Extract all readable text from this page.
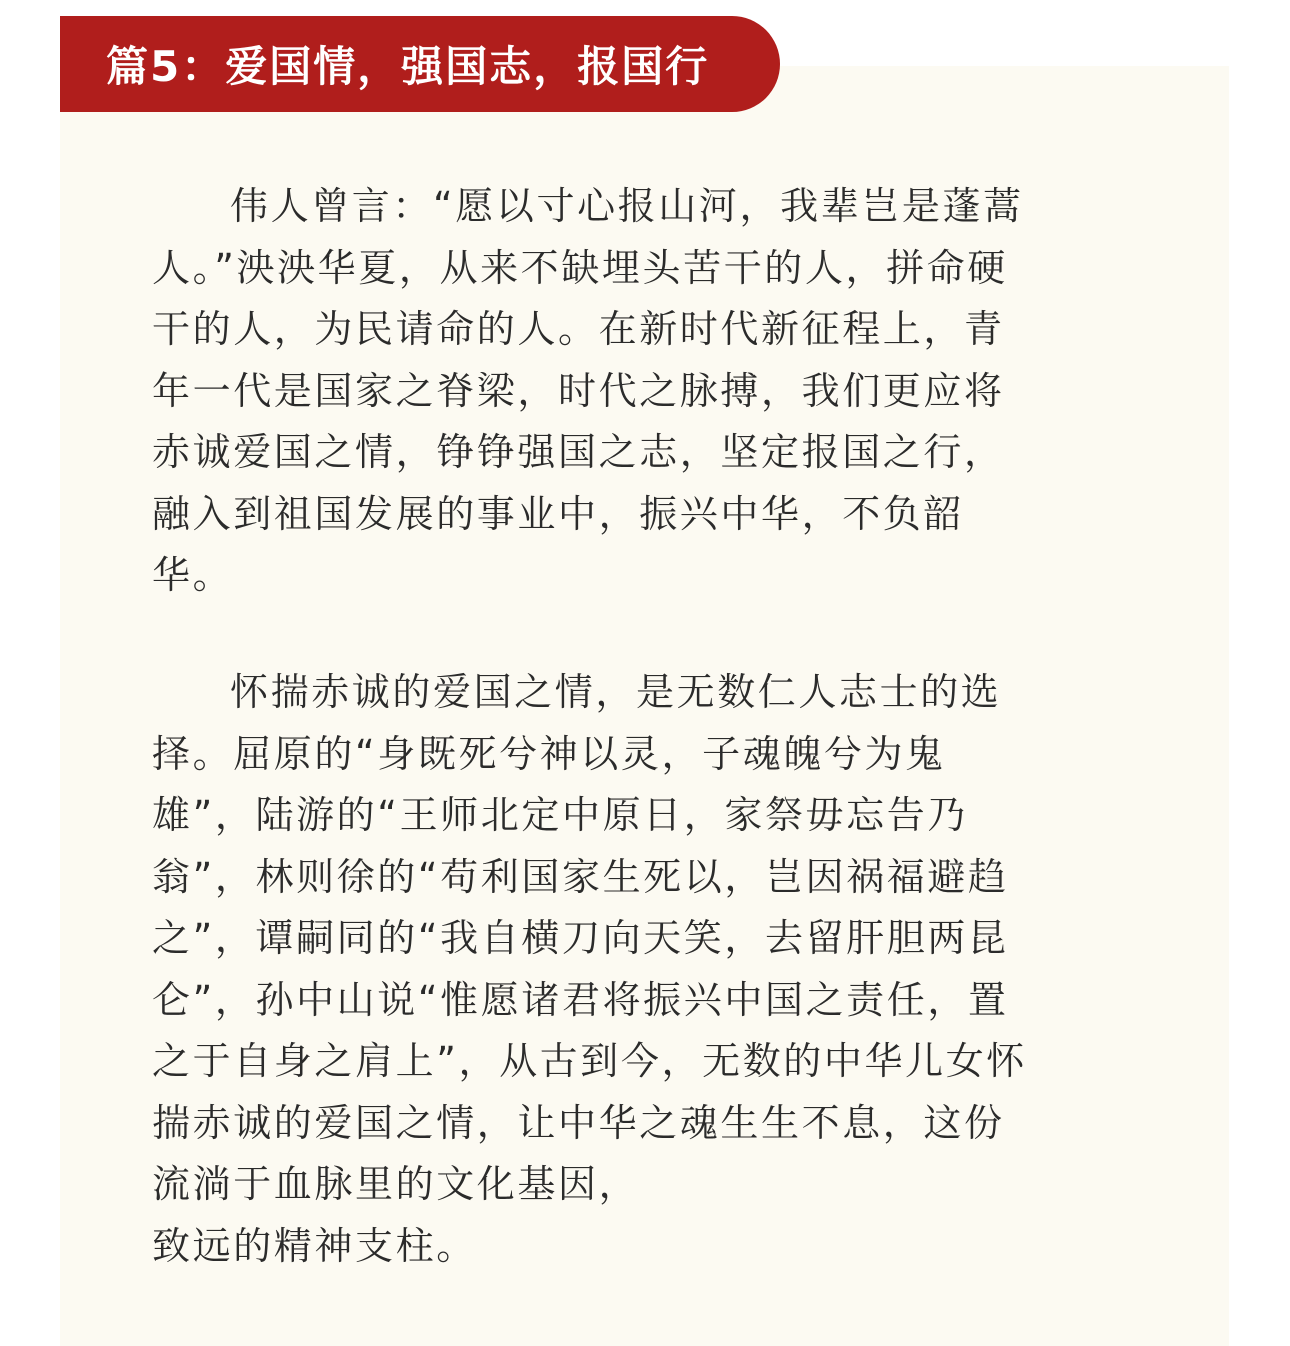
篇5：爱国情，强国志，报国行
伟人曾言：“愿以寸心报山河，我辈岂是蓬蒿
人。”泱泱华夏，从来不缺埋头苦干的人，拼命硬
干的人，为民请命的人。在新时代新征程上，青
年一代是国家之脊梁，时代之脉搏，我们更应将
赤诚爱国之情，铮铮强国之志，坚定报国之行，
融入到祖国发展的事业中，振兴中华，不负韶
华。
怀揣赤诚的爱国之情，是无数仁人志士的选
择。屈原的“身既死兮神以灵，子魂魄兮为鬼
雄”，陆游的“王师北定中原日，家祭毋忘告乃
翁”，林则徐的“苟利国家生死以，岂因祸福避趋
之”，谭嗣同的“我自横刀向天笑，去留肝胆两昆
仑”，孙中山说“惟愿诸君将振兴中国之责任，置
之于自身之肩上”，从古到今，无数的中华儿女怀
揣赤诚的爱国之情，让中华之魂生生不息，这份
流淌于血脉里的文化基因，
致远的精神支柱。
